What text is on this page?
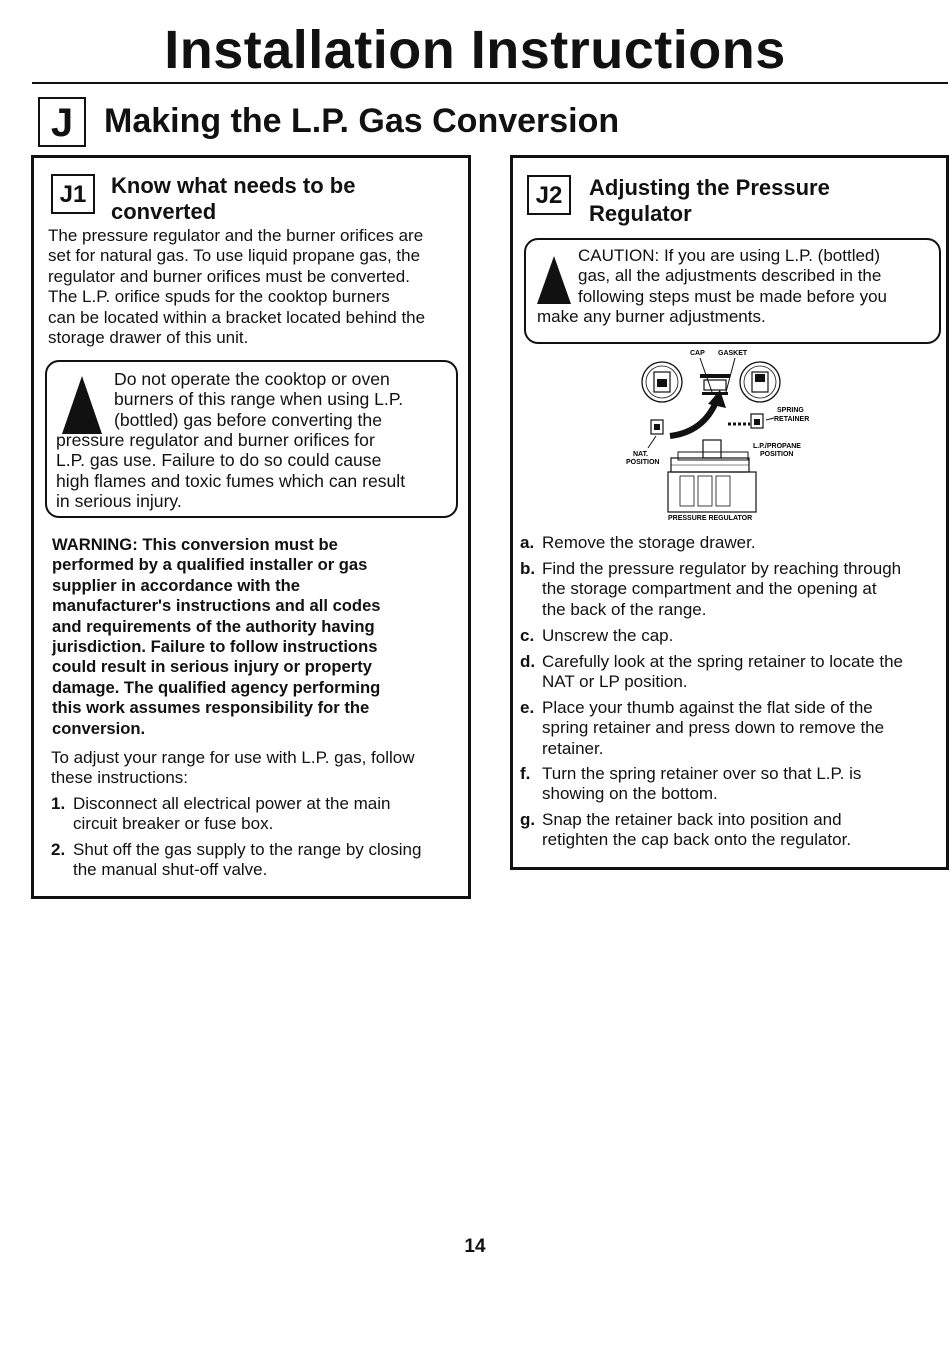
Installation Instructions
J Making the L.P. Gas Conversion
J1	Know what needs to be
converted
The pressure regulator and the burner orifices are
set for natural gas. To use liquid propane gas, the
regulator and burner orifices must be converted.
The L.P. orifice spuds for the cooktop burners
can be located within a bracket located behind the
storage drawer of this unit.
Do not operate the cooktop or oven
burners of this range when using L.P.
(bottled) gas before converting the
pressure regulator and burner orifices for
L.P. gas use. Failure to do so could cause
high flames and toxic fumes which can result
in serious injury.
WARNING: This conversion must be
performed by a qualified installer or gas
supplier in accordance with the
manufacturer's instructions and all codes
and requirements of the authority having
jurisdiction. Failure to follow instructions
could result in serious injury or property
damage. The qualified agency performing
this work assumes responsibility for the
conversion.
To adjust your range for use with L.P. gas, follow
these instructions:
1. Disconnect all electrical power at the main
circuit breaker or fuse box.
2. Shut off the gas supply to the range by closing
the manual shut-off valve.
J2	Adjusting the Pressure
Regulator
CAUTION: If you are using L.P. (bottled)
gas, all the adjustments described in the
following steps must be made before you
make any burner adjustments.
CAP GASKET
SPRING
RETAINER
NAT.
POSITION
L.P./PROPANE
POSITION
PRESSURE REGULATOR
a. Remove the storage drawer.
b. Find the pressure regulator by reaching through
the storage compartment and the opening at
the back of the range.
c. Unscrew the cap.
d. Carefully look at the spring retainer to locate the
NAT or LP position.
e. Place your thumb against the flat side of the
spring retainer and press down to remove the
retainer.
f. Turn the spring retainer over so that L.P. is
showing on the bottom.
g. Snap the retainer back into position and
retighten the cap back onto the regulator.
14
